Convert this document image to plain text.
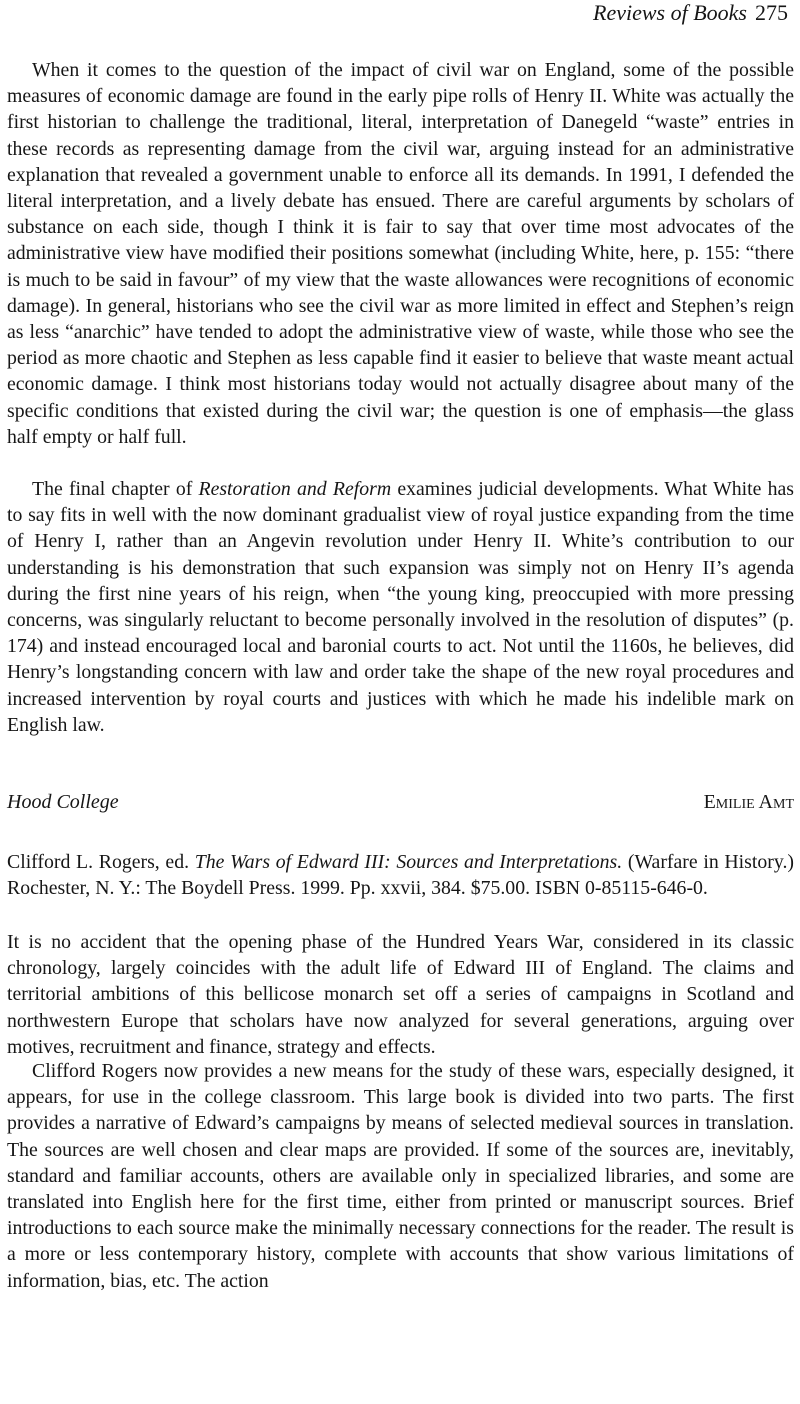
Reviews of Books 275

When it comes to the question of the impact of civil war on England, some of the possible measures of economic damage are found in the early pipe rolls of Henry II. White was actually the first historian to challenge the traditional, literal, interpretation of Danegeld “waste” entries in these records as representing damage from the civil war, arguing instead for an administrative explanation that revealed a government unable to enforce all its demands. In 1991, I defended the literal interpretation, and a lively debate has ensued. There are careful arguments by scholars of substance on each side, though I think it is fair to say that over time most advocates of the administrative view have modified their positions somewhat (including White, here, p. 155: “there is much to be said in favour” of my view that the waste allowances were recognitions of economic damage). In general, historians who see the civil war as more limited in effect and Stephen’s reign as less “anarchic” have tended to adopt the administrative view of waste, while those who see the period as more chaotic and Stephen as less capable find it easier to believe that waste meant actual economic damage. I think most historians today would not actually disagree about many of the specific conditions that existed during the civil war; the question is one of emphasis—the glass half empty or half full.

The final chapter of Restoration and Reform examines judicial developments. What White has to say fits in well with the now dominant gradualist view of royal justice expanding from the time of Henry I, rather than an Angevin revolution under Henry II. White’s contribution to our understanding is his demonstration that such expansion was simply not on Henry II’s agenda during the first nine years of his reign, when “the young king, preoccupied with more pressing concerns, was singularly reluctant to become personally involved in the resolution of disputes” (p. 174) and instead encouraged local and baronial courts to act. Not until the 1160s, he believes, did Henry’s longstanding concern with law and order take the shape of the new royal procedures and increased intervention by royal courts and justices with which he made his indelible mark on English law.

Hood College	Emilie Amt

Clifford L. Rogers, ed. The Wars of Edward III: Sources and Interpretations. (Warfare in History.) Rochester, N. Y.: The Boydell Press. 1999. Pp. xxvii, 384. $75.00. ISBN 0-85115-646-0.

It is no accident that the opening phase of the Hundred Years War, considered in its classic chronology, largely coincides with the adult life of Edward III of England. The claims and territorial ambitions of this bellicose monarch set off a series of campaigns in Scotland and northwestern Europe that scholars have now analyzed for several generations, arguing over motives, recruitment and finance, strategy and effects.

Clifford Rogers now provides a new means for the study of these wars, especially designed, it appears, for use in the college classroom. This large book is divided into two parts. The first provides a narrative of Edward’s campaigns by means of selected medieval sources in translation. The sources are well chosen and clear maps are provided. If some of the sources are, inevitably, standard and familiar accounts, others are available only in specialized libraries, and some are translated into English here for the first time, either from printed or manuscript sources. Brief introductions to each source make the minimally necessary connections for the reader. The result is a more or less contemporary history, complete with accounts that show various limitations of information, bias, etc. The action
